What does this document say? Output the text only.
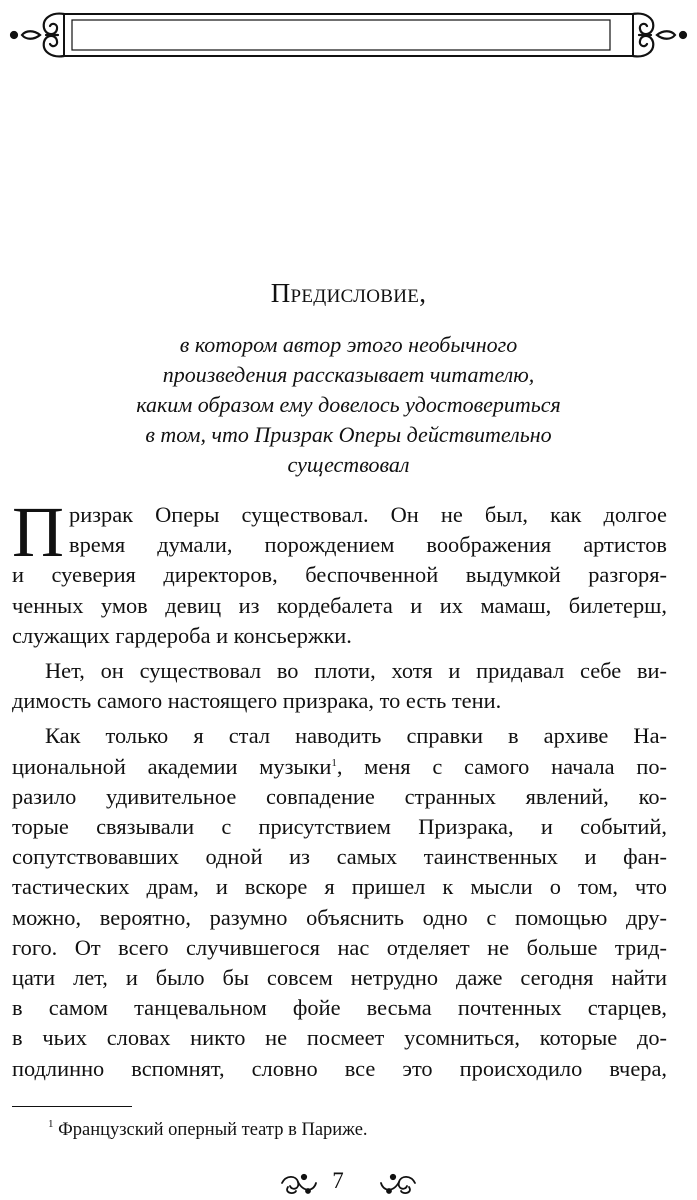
Предисловие,
в котором автор этого необычного
произведения рассказывает читателю,
каким образом ему довелось удостовериться
в том, что Призрак Оперы действительно
существовал
П ризрак Оперы существовал. Он не был, как долгое
время думали, порождением воображения артистов
и суеверия директоров, беспочвенной выдумкой разгоря-
ченных умов девиц из кордебалета и их мамаш, билетерш,
служащих гардероба и консьержки.
Нет, он существовал во плоти, хотя и придавал себе ви-
димость самого настоящего призрака, то есть тени.
Как только я стал наводить справки в архиве На-
циональной академии музыки$^1$, меня с самого начала по-
разило удивительное совпадение странных явлений, ко-
торые связывали с присутствием Призрака, и событий,
сопутствовавших одной из самых таинственных и фан-
тастических драм, и вскоре я пришел к мысли о том, что
можно, вероятно, разумно объяснить одно с помощью дру-
гого. От всего случившегося нас отделяет не больше трид-
цати лет, и было бы совсем нетрудно даже сегодня найти
в самом танцевальном фойе весьма почтенных старцев,
в чьих словах никто не посмеет усомниться, которые до-
подлинно вспомнят, словно все это происходило вчера,
$^1$ Французский оперный театр в Париже.
7
